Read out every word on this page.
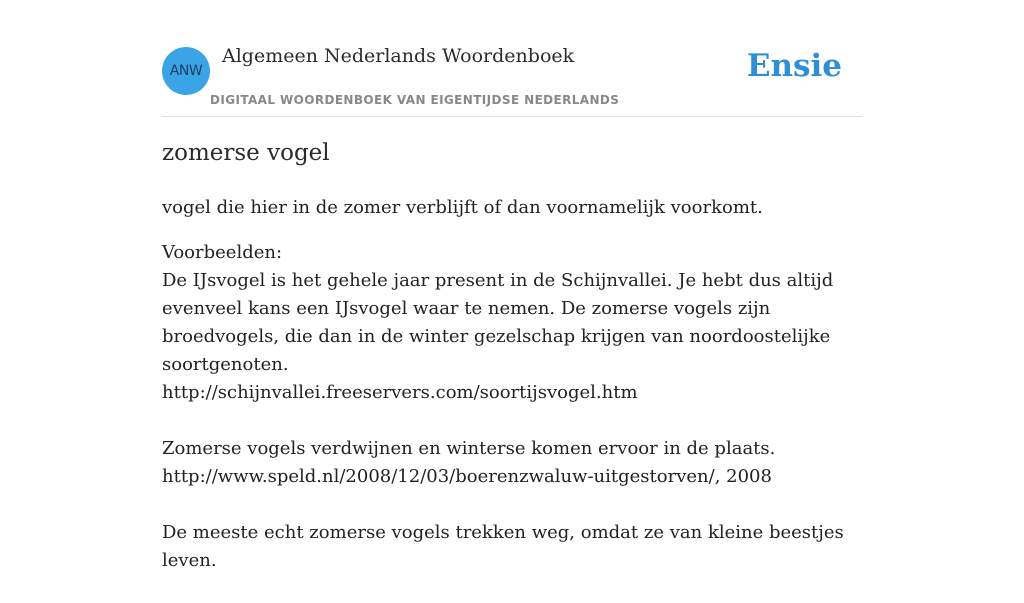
ANW
Algemeen Nederlands Woordenboek
DIGITAAL WOORDENBOEK VAN EIGENTIJDSE NEDERLANDS
Ensie
zomerse vogel

vogel die hier in de zomer verblijft of dan voornamelijk voorkomt.

Voorbeelden:

De IJsvogel is het gehele jaar present in de Schijnvallei. Je hebt dus altijd evenveel kans een IJsvogel waar te nemen. De zomerse vogels zijn broedvogels, die dan in de winter gezelschap krijgen van noordoostelijke soortgenoten.
http://schijnvallei.freeservers.com/soortijsvogel.htm

Zomerse vogels verdwijnen en winterse komen ervoor in de plaats.
http://www.speld.nl/2008/12/03/boerenzwaluw-uitgestorven/, 2008

De meeste echt zomerse vogels trekken weg, omdat ze van kleine beestjes leven.
